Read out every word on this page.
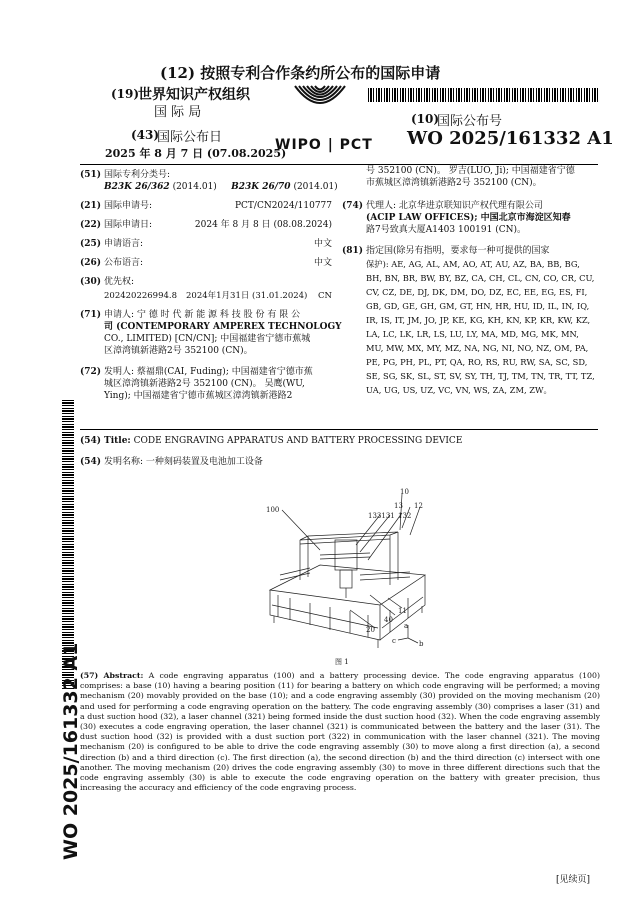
(12) 按照专利合作条约所公布的国际申请
(19)
世界知识产权组织
国 际 局
(43)
国际公布日
2025 年 8 月 7 日 (07.08.2025)
WIPO | PCT
(10)
国际公布号
WO 2025/161332 A1
(51) 国际专利分类号:
B23K 26/362 (2014.01) B23K 26/70 (2014.01)
(21) 国际申请号:	PCT/CN2024/110777
(22) 国际申请日:	2024 年 8 月 8 日 (08.08.2024)
(25) 申请语言:	中文
(26) 公布语言:	中文
(30) 优先权:
202420226994.8 2024年1月31日 (31.01.2024) CN
(71) 申请人: 宁 德 时 代 新 能 源 科 技 股 份 有 限 公
司 (CONTEMPORARY AMPEREX TECHNOLOGY
CO., LIMITED) [CN/CN]; 中国福建省宁德市蕉城
区漳湾镇新港路2号 352100 (CN)。
(72) 发明人: 蔡福鼎(CAI, Fuding); 中国福建省宁德市蕉
城区漳湾镇新港路2号 352100 (CN)。 吴鹰(WU,
Ying); 中国福建省宁德市蕉城区漳湾镇新港路2
号 352100 (CN)。 罗吉(LUO, Ji); 中国福建省宁德
市蕉城区漳湾镇新港路2号 352100 (CN)。
(74) 代理人: 北京华进京联知识产权代理有限公司
(ACIP LAW OFFICES); 中国北京市海淀区知春
路7号致真大厦A1403 100191 (CN)。
(81) 指定国(除另有指明，要求每一种可提供的国家
保护): AE, AG, AL, AM, AO, AT, AU, AZ, BA, BB, BG,
BH, BN, BR, BW, BY, BZ, CA, CH, CL, CN, CO, CR, CU,
CV, CZ, DE, DJ, DK, DM, DO, DZ, EC, EE, EG, ES, FI,
GB, GD, GE, GH, GM, GT, HN, HR, HU, ID, IL, IN, IQ,
IR, IS, IT, JM, JO, JP, KE, KG, KH, KN, KP, KR, KW, KZ,
LA, LC, LK, LR, LS, LU, LY, MA, MD, MG, MK, MN,
MU, MW, MX, MY, MZ, NA, NG, NI, NO, NZ, OM, PA,
PE, PG, PH, PL, PT, QA, RO, RS, RU, RW, SA, SC, SD,
SE, SG, SK, SL, ST, SV, SY, TH, TJ, TM, TN, TR, TT, TZ,
UA, UG, US, UZ, VC, VN, WS, ZA, ZM, ZW。
(54) Title: CODE ENGRAVING APPARATUS AND BATTERY PROCESSING DEVICE
(54) 发明名称: 一种刻码装置及电池加工设备
100
10
13 12
133131 132
11
40
20	a
b
c
图 1
(57) Abstract: A code engraving apparatus (100) and a battery processing device. The code engraving apparatus (100) comprises: a base (10) having a bearing position (11) for bearing a battery on which code engraving will be performed; a moving mechanism (20) movably provided on the base (10); and a code engraving assembly (30) provided on the moving mechanism (20) and used for performing a code engraving operation on the battery. The code engraving assembly (30) comprises a laser (31) and a dust suction hood (32), a laser channel (321) being formed inside the dust suction hood (32). When the code engraving assembly (30) executes a code engraving operation, the laser channel (321) is communicated between the battery and the laser (31). The dust suction hood (32) is provided with a dust suction port (322) in communication with the laser channel (321). The moving mechanism (20) is configured to be able to drive the code engraving assembly (30) to move along a first direction (a), a second direction (b) and a third direction (c). The first direction (a), the second direction (b) and the third direction (c) intersect with one another. The moving mechanism (20) drives the code engraving assembly (30) to move in three different directions such that the code engraving assembly (30) is able to execute the code engraving operation on the battery with greater precision, thus increasing the accuracy and efficiency of the code engraving process.
WO 2025/161332 A1
[见续页]
